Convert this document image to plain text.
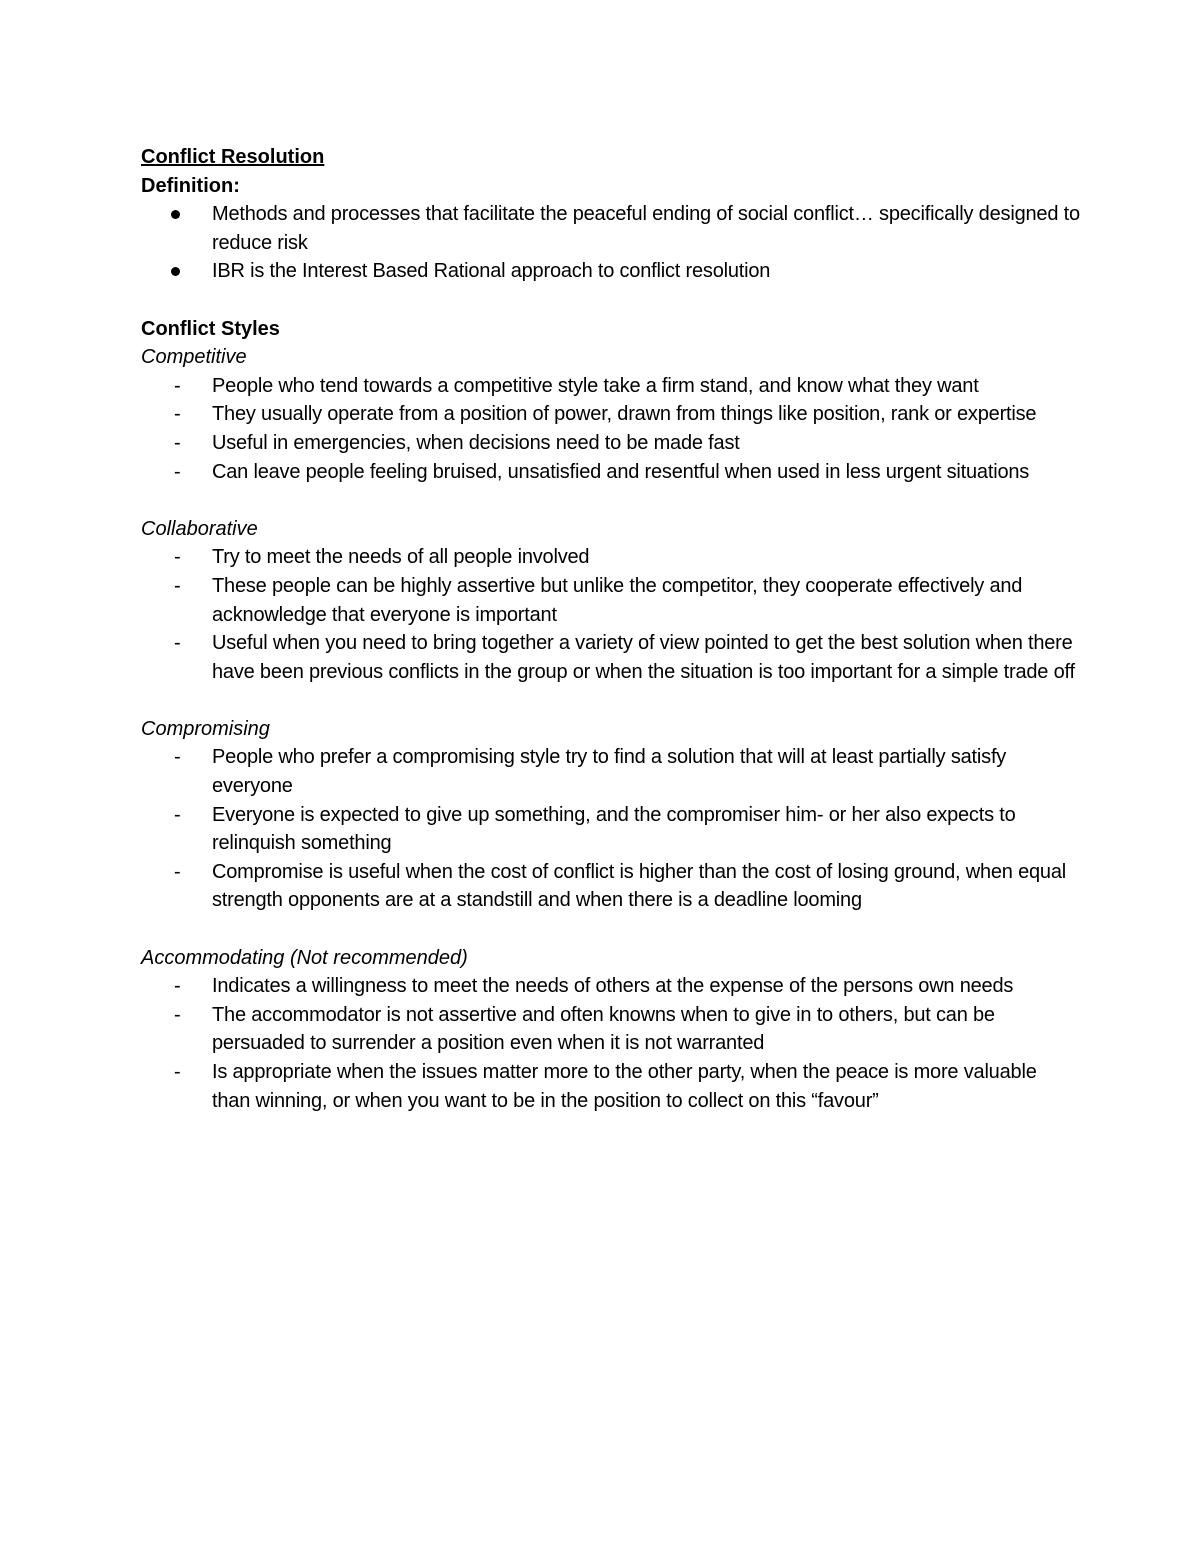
Conflict Resolution

Definition:

Methods and processes that facilitate the peaceful ending of social conflict… specifically designed to reduce risk
IBR is the Interest Based Rational approach to conflict resolution

Conflict Styles

Competitive

- People who tend towards a competitive style take a firm stand, and know what they want
- They usually operate from a position of power, drawn from things like position, rank or expertise
- Useful in emergencies, when decisions need to be made fast
- Can leave people feeling bruised, unsatisfied and resentful when used in less urgent situations

Collaborative

- Try to meet the needs of all people involved
- These people can be highly assertive but unlike the competitor, they cooperate effectively and acknowledge that everyone is important
- Useful when you need to bring together a variety of view pointed to get the best solution when there have been previous conflicts in the group or when the situation is too important for a simple trade off

Compromising

- People who prefer a compromising style try to find a solution that will at least partially satisfy everyone
- Everyone is expected to give up something, and the compromiser him- or her also expects to relinquish something
- Compromise is useful when the cost of conflict is higher than the cost of losing ground, when equal strength opponents are at a standstill and when there is a deadline looming

Accommodating (Not recommended)

- Indicates a willingness to meet the needs of others at the expense of the persons own needs
- The accommodator is not assertive and often knowns when to give in to others, but can be persuaded to surrender a position even when it is not warranted
- Is appropriate when the issues matter more to the other party, when the peace is more valuable than winning, or when you want to be in the position to collect on this “favour”
